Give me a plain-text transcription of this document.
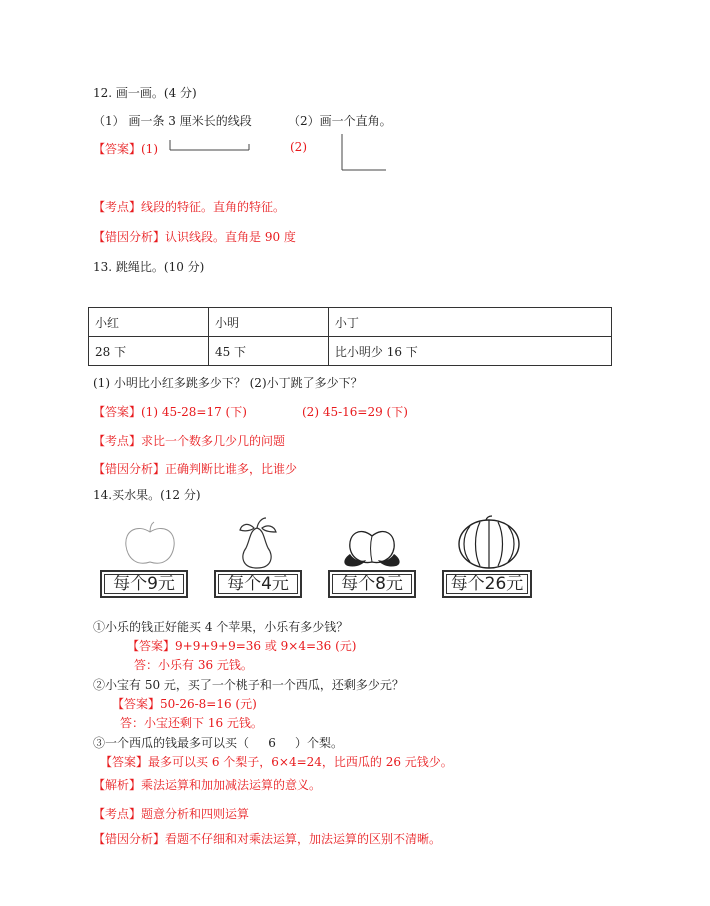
12. 画一画。(4 分)
（1） 画一条 3 厘米长的线段	（2）画一个直角。
【答案】(1)	(2)
【考点】线段的特征。直角的特征。
【错因分析】认识线段。直角是 90 度
13. 跳绳比。(10 分)
小红	小明	小丁
28 下	45 下	比小明少 16 下
(1) 小明比小红多跳多少下？ (2)小丁跳了多少下？
【答案】(1) 45-28=17 (下)	(2) 45-16=29 (下)
【考点】求比一个数多几少几的问题
【错因分析】正确判断比谁多，比谁少
14.买水果。(12 分)
每个9元	每个4元	每个8元	每个26元
①小乐的钱正好能买 4 个苹果，小乐有多少钱？
【答案】9+9+9+9=36 或 9×4=36 (元)
答：小乐有 36 元钱。
②小宝有 50 元，买了一个桃子和一个西瓜，还剩多少元？
【答案】50-26-8=16 (元)
答：小宝还剩下 16 元钱。
③一个西瓜的钱最多可以买（ 6 ）个梨。
【答案】最多可以买 6 个梨子，6×4=24，比西瓜的 26 元钱少。
【解析】乘法运算和加加减法运算的意义。
【考点】题意分析和四则运算
【错因分析】看题不仔细和对乘法运算，加法运算的区别不清晰。
